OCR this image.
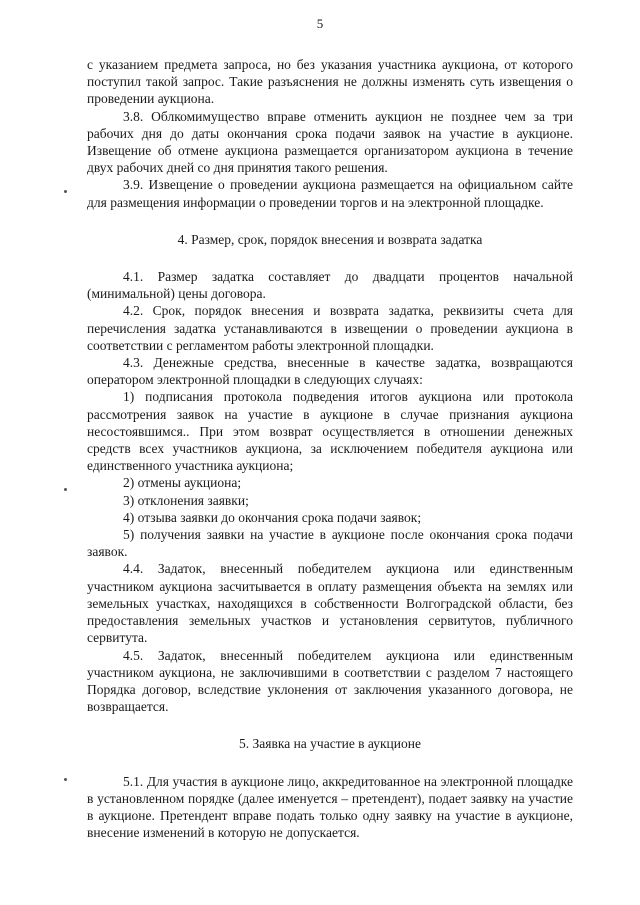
5

с указанием предмета запроса, но без указания участника аукциона, от которого поступил такой запрос. Такие разъяснения не должны изменять суть извещения о проведении аукциона.

3.8. Облкомимущество вправе отменить аукцион не позднее чем за три рабочих дня до даты окончания срока подачи заявок на участие в аукционе. Извещение об отмене аукциона размещается организатором аукциона в течение двух рабочих дней со дня принятия такого решения.

3.9. Извещение о проведении аукциона размещается на официальном сайте для размещения информации о проведении торгов и на электронной площадке.

4. Размер, срок, порядок внесения и возврата задатка

4.1. Размер задатка составляет до двадцати процентов начальной (минимальной) цены договора.

4.2. Срок, порядок внесения и возврата задатка, реквизиты счета для перечисления задатка устанавливаются в извещении о проведении аукциона в соответствии с регламентом работы электронной площадки.

4.3. Денежные средства, внесенные в качестве задатка, возвращаются оператором электронной площадки в следующих случаях:

1) подписания протокола подведения итогов аукциона или протокола рассмотрения заявок на участие в аукционе в случае признания аукциона несостоявшимся.. При этом возврат осуществляется в отношении денежных средств всех участников аукциона, за исключением победителя аукциона или единственного участника аукциона;

2) отмены аукциона;

3) отклонения заявки;

4) отзыва заявки до окончания срока подачи заявок;

5) получения заявки на участие в аукционе после окончания срока подачи заявок.

4.4. Задаток, внесенный победителем аукциона или единственным участником аукциона засчитывается в оплату размещения объекта на землях или земельных участках, находящихся в собственности Волгоградской области, без предоставления земельных участков и установления сервитутов, публичного сервитута.

4.5. Задаток, внесенный победителем аукциона или единственным участником аукциона, не заключившими в соответствии с разделом 7 настоящего Порядка договор, вследствие уклонения от заключения указанного договора, не возвращается.

5. Заявка на участие в аукционе

5.1. Для участия в аукционе лицо, аккредитованное на электронной площадке в установленном порядке (далее именуется – претендент), подает заявку на участие в аукционе. Претендент вправе подать только одну заявку на участие в аукционе, внесение изменений в которую не допускается.
